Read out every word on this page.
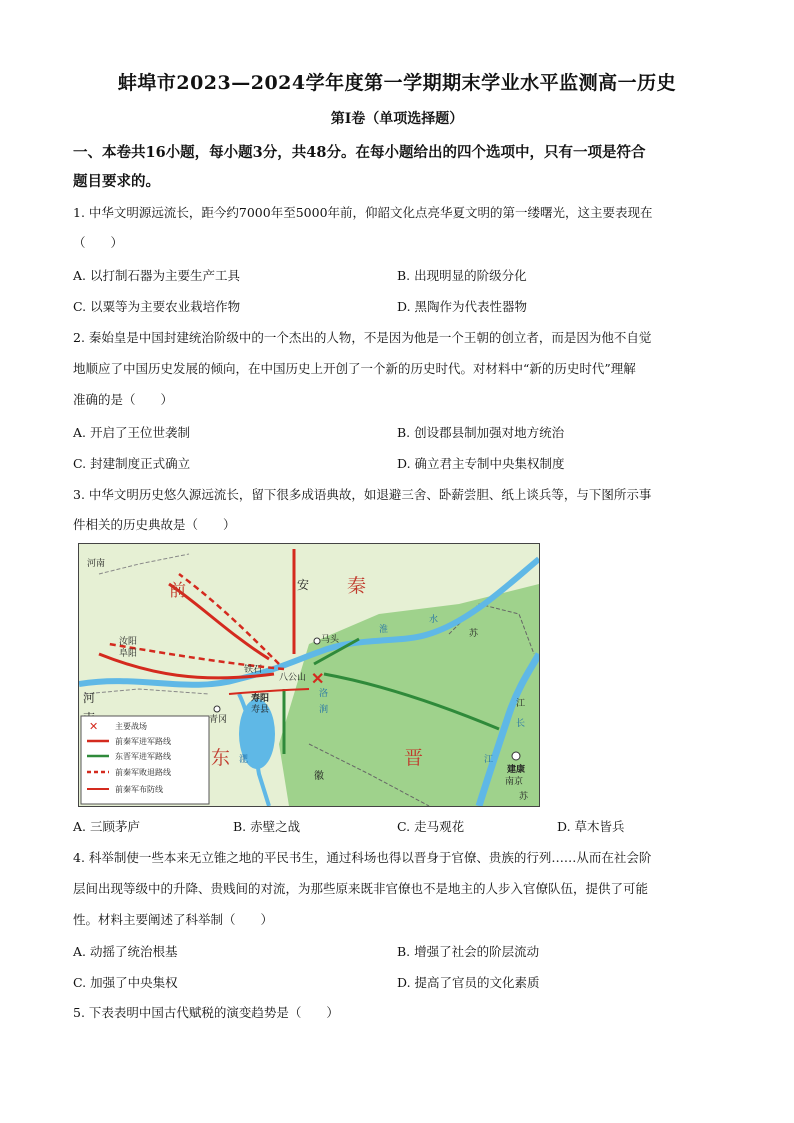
蚌埠市2023—2024学年度第一学期期末学业水平监测高一历史
第Ⅰ卷（单项选择题）
一、本卷共16小题，每小题3分，共48分。在每小题给出的四个选项中，只有一项是符合
题目要求的。
1. 中华文明源远流长，距今约7000年至5000年前，仰韶文化点亮华夏文明的第一缕曙光，这主要表现在
（　　）
A. 以打制石器为主要生产工具	B. 出现明显的阶级分化
C. 以粟等为主要农业栽培作物	D. 黑陶作为代表性器物
2. 秦始皇是中国封建统治阶级中的一个杰出的人物，不是因为他是一个王朝的创立者，而是因为他不自觉
地顺应了中国历史发展的倾向，在中国历史上开创了一个新的历史时代。对材料中“新的历史时代”理解
准确的是（　　）
A. 开启了王位世袭制	B. 创设郡县制加强对地方统治
C. 封建制度正式确立	D. 确立君主专制中央集权制度
3. 中华文明历史悠久源远流长，留下很多成语典故，如退避三舍、卧薪尝胆、纸上谈兵等，与下图所示事
件相关的历史典故是（　　）
✕
河南
前	安 秦
马头
淮
水
苏
汝阳
阜阳
铁石
八公山
寿阳
寿县
洛
涧
江
长
青冈
河
东	晋
徽
淝
建康
南京
苏
江
✕ 主要战场
前秦军进军路线
东晋军进军路线
前秦军败退路线
前秦军布防线
A. 三顾茅庐	B. 赤壁之战	C. 走马观花	D. 草木皆兵
4. 科举制使一些本来无立锥之地的平民书生，通过科场也得以晋身于官僚、贵族的行列……从而在社会阶
层间出现等级中的升降、贵贱间的对流，为那些原来既非官僚也不是地主的人步入官僚队伍，提供了可能
性。材料主要阐述了科举制（　　）
A. 动摇了统治根基	B. 增强了社会的阶层流动
C. 加强了中央集权	D. 提高了官员的文化素质
5. 下表表明中国古代赋税的演变趋势是（　　）
